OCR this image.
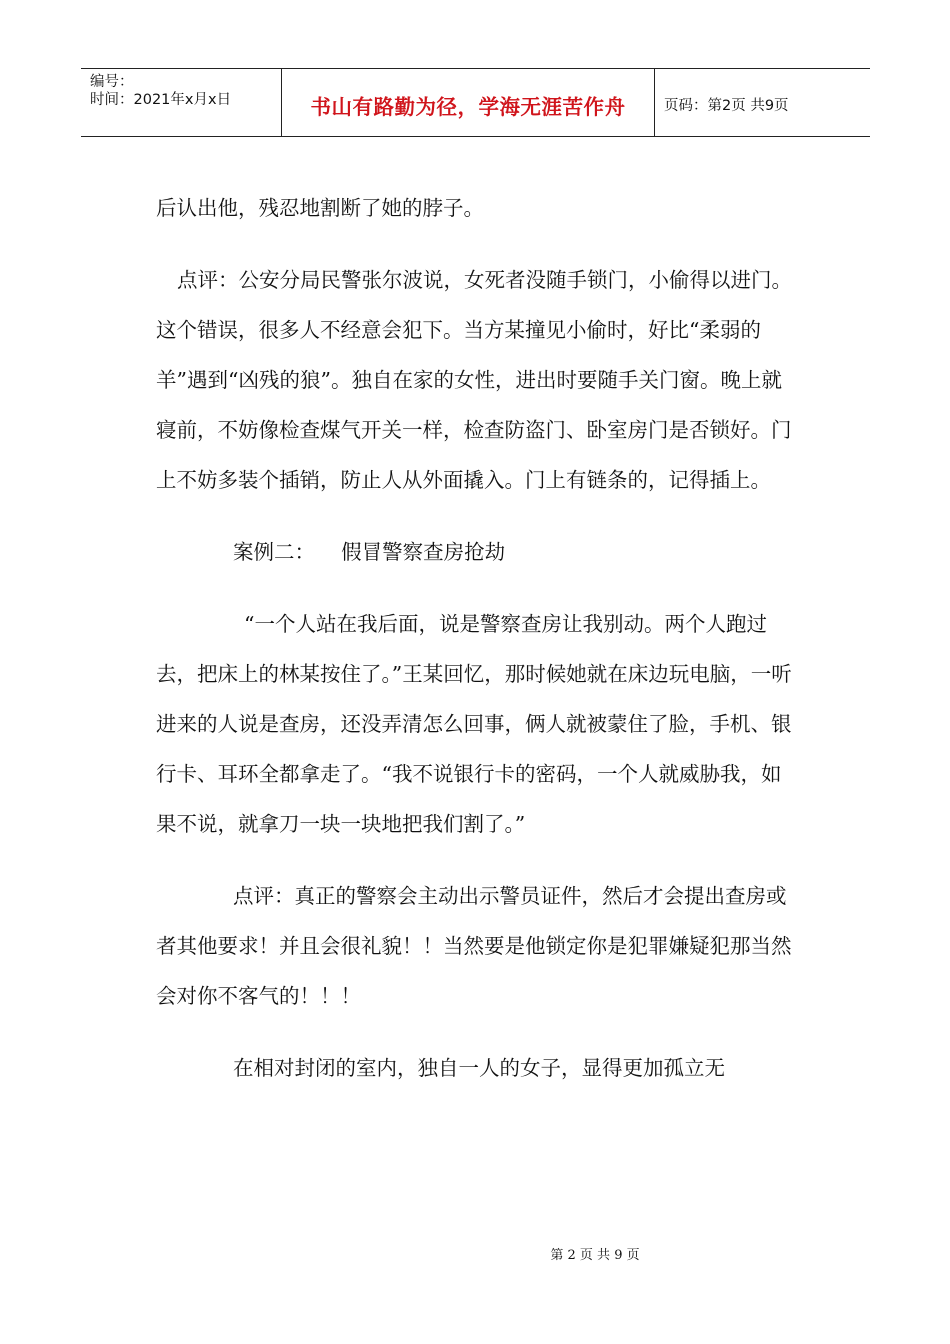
编号：
时间：2021年x月x日	书山有路勤为径，学海无涯苦作舟	页码：第2页 共9页

后认出他，残忍地割断了她的脖子。

点评：公安分局民警张尔波说，女死者没随手锁门，小偷得以进门。这个错误，很多人不经意会犯下。当方某撞见小偷时，好比“柔弱的羊”遇到“凶残的狼”。独自在家的女性，进出时要随手关门窗。晚上就寝前，不妨像检查煤气开关一样，检查防盗门、卧室房门是否锁好。门上不妨多装个插销，防止人从外面撬入。门上有链条的，记得插上。

案例二：    假冒警察查房抢劫

“一个人站在我后面，说是警察查房让我别动。两个人跑过去，把床上的林某按住了。”王某回忆，那时候她就在床边玩电脑，一听进来的人说是查房，还没弄清怎么回事，俩人就被蒙住了脸，手机、银行卡、耳环全都拿走了。“我不说银行卡的密码，一个人就威胁我，如果不说，就拿刀一块一块地把我们割了。”

点评：真正的警察会主动出示警员证件，然后才会提出查房或者其他要求！并且会很礼貌！！当然要是他锁定你是犯罪嫌疑犯那当然会对你不客气的！！！

在相对封闭的室内，独自一人的女子，显得更加孤立无

第 2 页 共 9 页
